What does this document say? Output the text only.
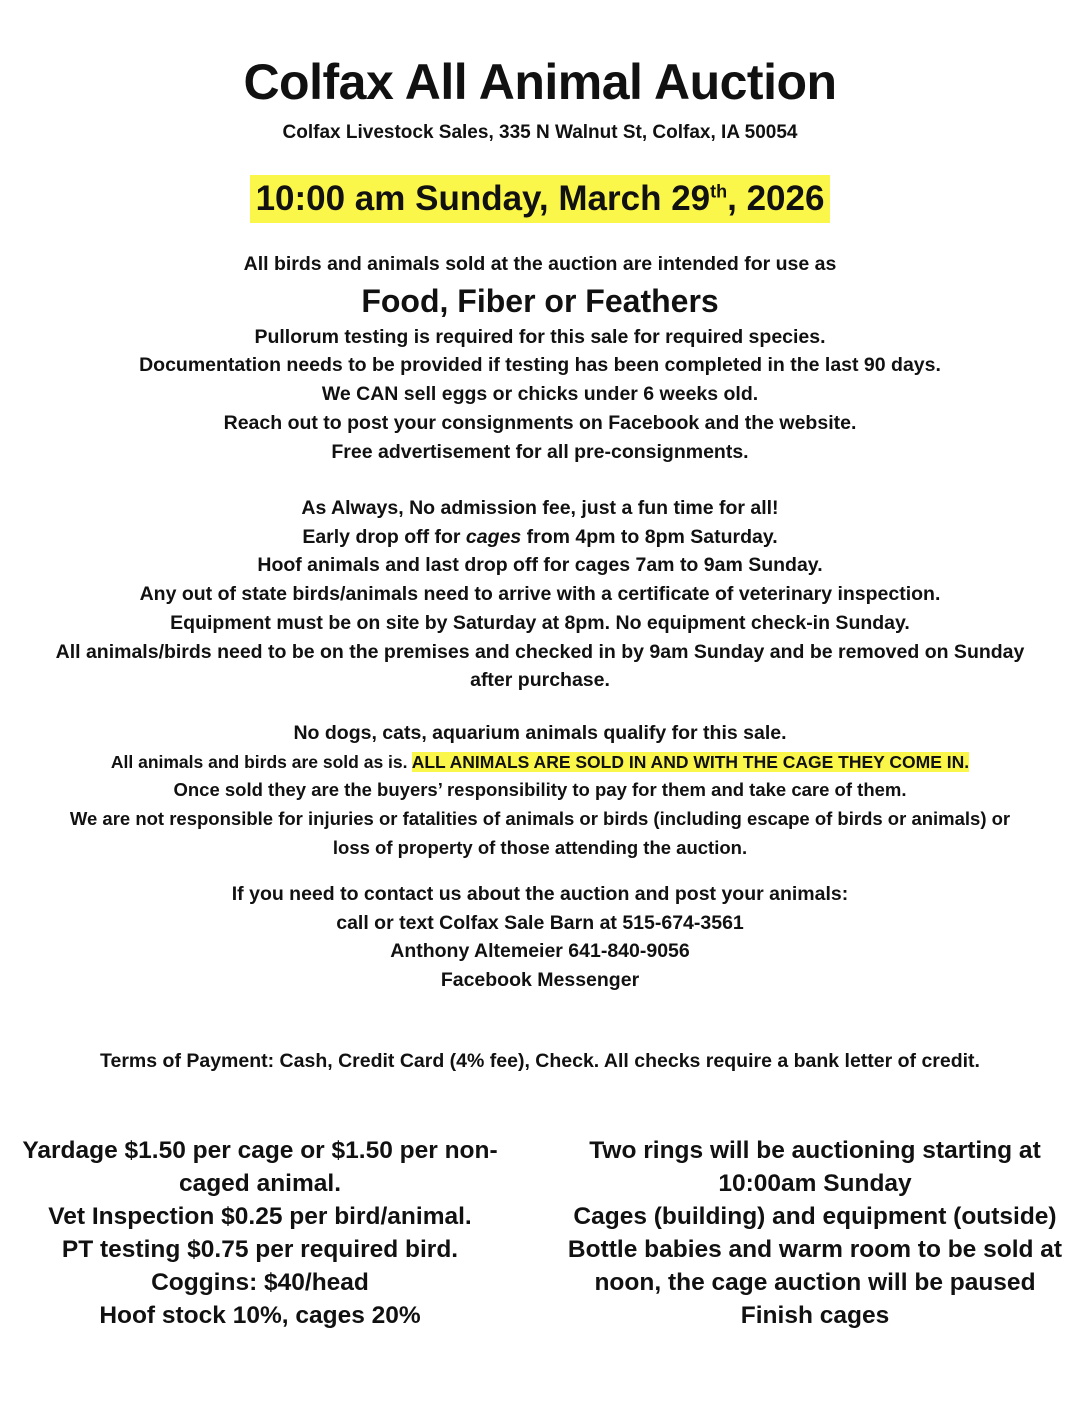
Colfax All Animal Auction
Colfax Livestock Sales, 335 N Walnut St, Colfax, IA 50054
10:00 am Sunday, March 29th, 2026
All birds and animals sold at the auction are intended for use as
Food, Fiber or Feathers
Pullorum testing is required for this sale for required species.
Documentation needs to be provided if testing has been completed in the last 90 days.
We CAN sell eggs or chicks under 6 weeks old.
Reach out to post your consignments on Facebook and the website.
Free advertisement for all pre-consignments.
As Always, No admission fee, just a fun time for all!
Early drop off for cages from 4pm to 8pm Saturday.
Hoof animals and last drop off for cages 7am to 9am Sunday.
Any out of state birds/animals need to arrive with a certificate of veterinary inspection.
Equipment must be on site by Saturday at 8pm. No equipment check-in Sunday.
All animals/birds need to be on the premises and checked in by 9am Sunday and be removed on Sunday
after purchase.
No dogs, cats, aquarium animals qualify for this sale.
All animals and birds are sold as is. ALL ANIMALS ARE SOLD IN AND WITH THE CAGE THEY COME IN.
Once sold they are the buyers’ responsibility to pay for them and take care of them.
We are not responsible for injuries or fatalities of animals or birds (including escape of birds or animals) or
loss of property of those attending the auction.
If you need to contact us about the auction and post your animals:
call or text Colfax Sale Barn at 515-674-3561
Anthony Altemeier 641-840-9056
Facebook Messenger
Terms of Payment: Cash, Credit Card (4% fee), Check. All checks require a bank letter of credit.
Yardage $1.50 per cage or $1.50 per non-
caged animal.
Vet Inspection $0.25 per bird/animal.
PT testing $0.75 per required bird.
Coggins: $40/head
Hoof stock 10%, cages 20%
Two rings will be auctioning starting at
10:00am Sunday
Cages (building) and equipment (outside)
Bottle babies and warm room to be sold at
noon, the cage auction will be paused
Finish cages
